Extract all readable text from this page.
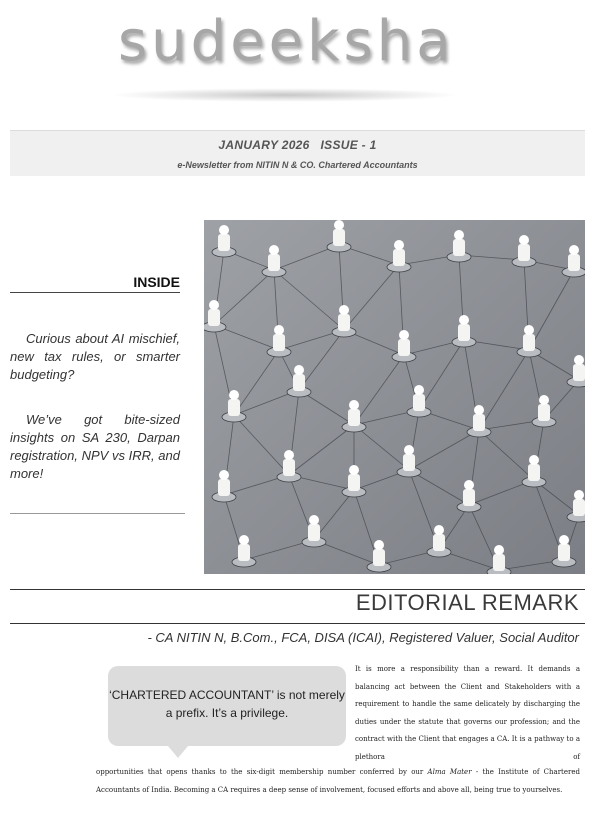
sudeeksha
JANUARY 2026   ISSUE - 1
e-Newsletter from NITIN N & CO. Chartered Accountants
INSIDE
Curious about AI mischief, new tax rules, or smarter budgeting?
We’ve got bite-sized insights on SA 230, Darpan registration, NPV vs IRR, and more!
EDITORIAL REMARK
- CA NITIN N, B.Com., FCA, DISA (ICAI), Registered Valuer, Social Auditor
‘CHARTERED ACCOUNTANT’ is not merely a prefix. It’s a privilege.
It is more a responsibility than a reward. It demands a balancing act between the Client and Stakeholders with a requirement to handle the same delicately by discharging the duties under the statute that governs our profession; and the contract with the Client that engages a CA. It is a pathway to a plethora of
opportunities that opens thanks to the six-digit membership number conferred by our Alma Mater - the Institute of Chartered Accountants of India. Becoming a CA requires a deep sense of involvement, focused efforts and above all, being true to yourselves.
